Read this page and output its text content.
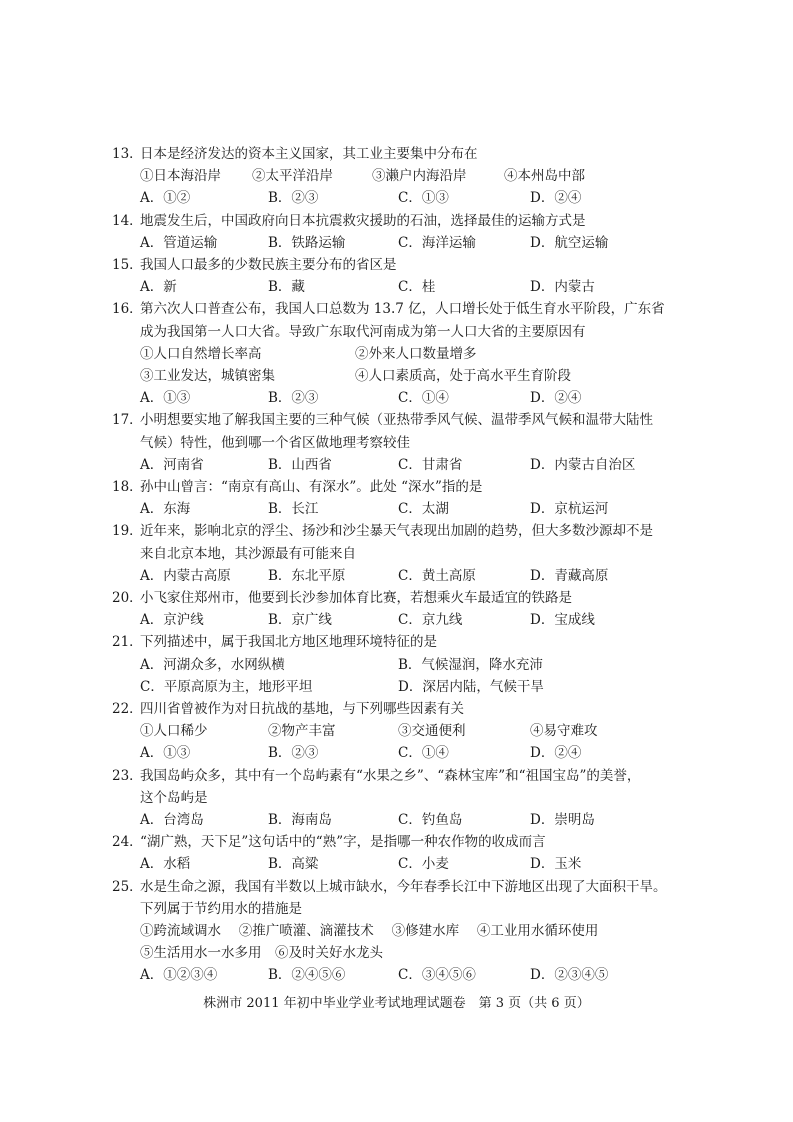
13．
日本是经济发达的资本主义国家，其工业主要集中分布在
①日本海沿岸 ②太平洋沿岸	③濑户内海沿岸	④本州岛中部
A．①②	B．②③	C．①③	D．②④
14．
地震发生后，中国政府向日本抗震救灾援助的石油，选择最佳的运输方式是
A．管道运输	B．铁路运输	C．海洋运输	D．航空运输
15．
我国人口最多的少数民族主要分布的省区是
A．新	B．藏	C．桂	D．内蒙古
16．
第六次人口普查公布，我国人口总数为 13.7 亿，人口增长处于低生育水平阶段，广东省
成为我国第一人口大省。导致广东取代河南成为第一人口大省的主要原因有
①人口自然增长率高	②外来人口数量增多
③工业发达，城镇密集	④人口素质高，处于高水平生育阶段
A．①③	B．②③	C．①④	D．②④
17．
小明想要实地了解我国主要的三种气候（亚热带季风气候、温带季风气候和温带大陆性
气候）特性，他到哪一个省区做地理考察较佳
A．河南省	B．山西省	C．甘肃省	D．内蒙古自治区
18．
孙中山曾言：“南京有高山、有深水”。此处 “深水”指的是
A．东海	B．长江	C．太湖	D．京杭运河
19．
近年来，影响北京的浮尘、扬沙和沙尘暴天气表现出加剧的趋势，但大多数沙源却不是
来自北京本地，其沙源最有可能来自
A．内蒙古高原	B．东北平原	C．黄土高原	D．青藏高原
20．
小飞家住郑州市，他要到长沙参加体育比赛，若想乘火车最适宜的铁路是
A．京沪线	B．京广线	C．京九线	D．宝成线
21．
下列描述中，属于我国北方地区地理环境特征的是
A．河湖众多，水网纵横	B．气候湿润，降水充沛
C．平原高原为主，地形平坦	D．深居内陆，气候干旱
22．
四川省曾被作为对日抗战的基地，与下列哪些因素有关
①人口稀少	②物产丰富	③交通便利	④易守难攻
A．①③	B．②③	C．①④	D．②④
23．
我国岛屿众多，其中有一个岛屿素有“水果之乡”、“森林宝库”和“祖国宝岛”的美誉，
这个岛屿是
A．台湾岛	B．海南岛	C．钓鱼岛	D．崇明岛
24．
“湖广熟，天下足”这句话中的“熟”字，是指哪一种农作物的收成而言
A．水稻	B．高粱	C．小麦	D．玉米
25．
水是生命之源，我国有半数以上城市缺水，今年春季长江中下游地区出现了大面积干旱。
下列属于节约用水的措施是
①跨流域调水　 ②推广喷灌、滴灌技术　 ③修建水库　 ④工业用水循环使用
⑤生活用水一水多用　⑥及时关好水龙头
A．①②③④	B．②④⑤⑥	C．③④⑤⑥	D．②③④⑤
株洲市 2011 年初中毕业学业考试地理试题卷　第 3 页（共 6 页）
